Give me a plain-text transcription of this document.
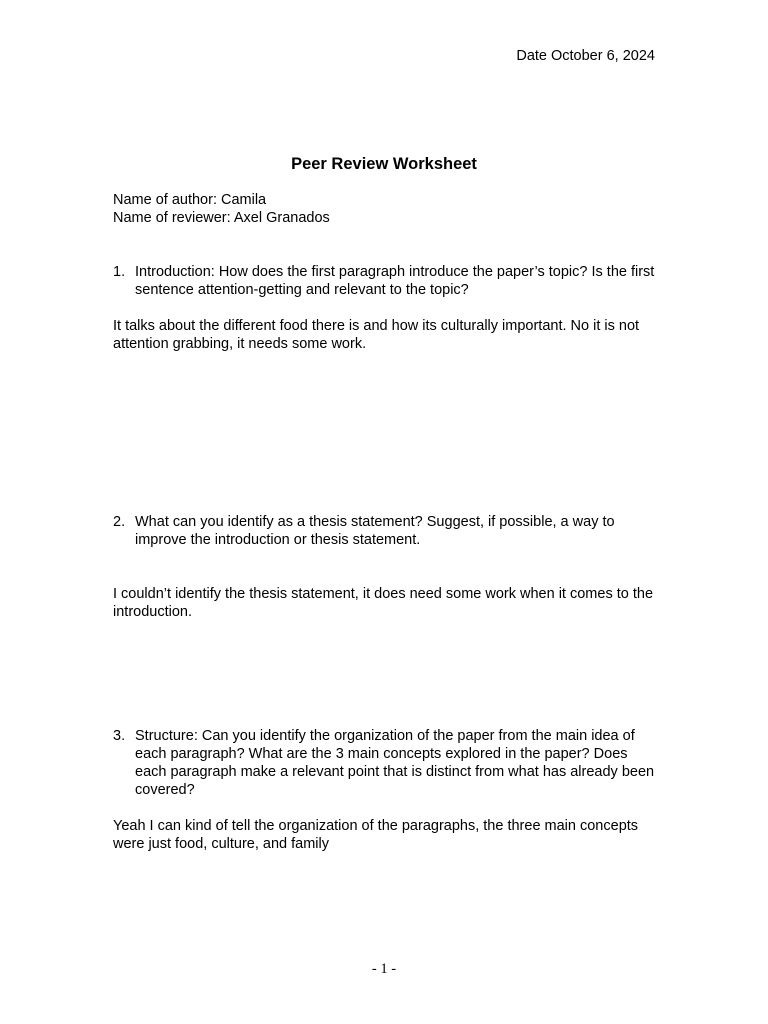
Date October 6, 2024
Peer Review Worksheet
Name of author: Camila
Name of reviewer: Axel Granados
1. Introduction: How does the first paragraph introduce the paper’s topic? Is the first sentence attention-getting and relevant to the topic?
It talks about the different food there is and how its culturally important. No it is not attention grabbing, it needs some work.
2. What can you identify as a thesis statement? Suggest, if possible, a way to improve the introduction or thesis statement.
I couldn’t identify the thesis statement, it does need some work when it comes to the introduction.
3. Structure: Can you identify the organization of the paper from the main idea of each paragraph? What are the 3 main concepts explored in the paper? Does each paragraph make a relevant point that is distinct from what has already been covered?
Yeah I can kind of tell the organization of the paragraphs, the three main concepts were just food, culture, and family
- 1 -
